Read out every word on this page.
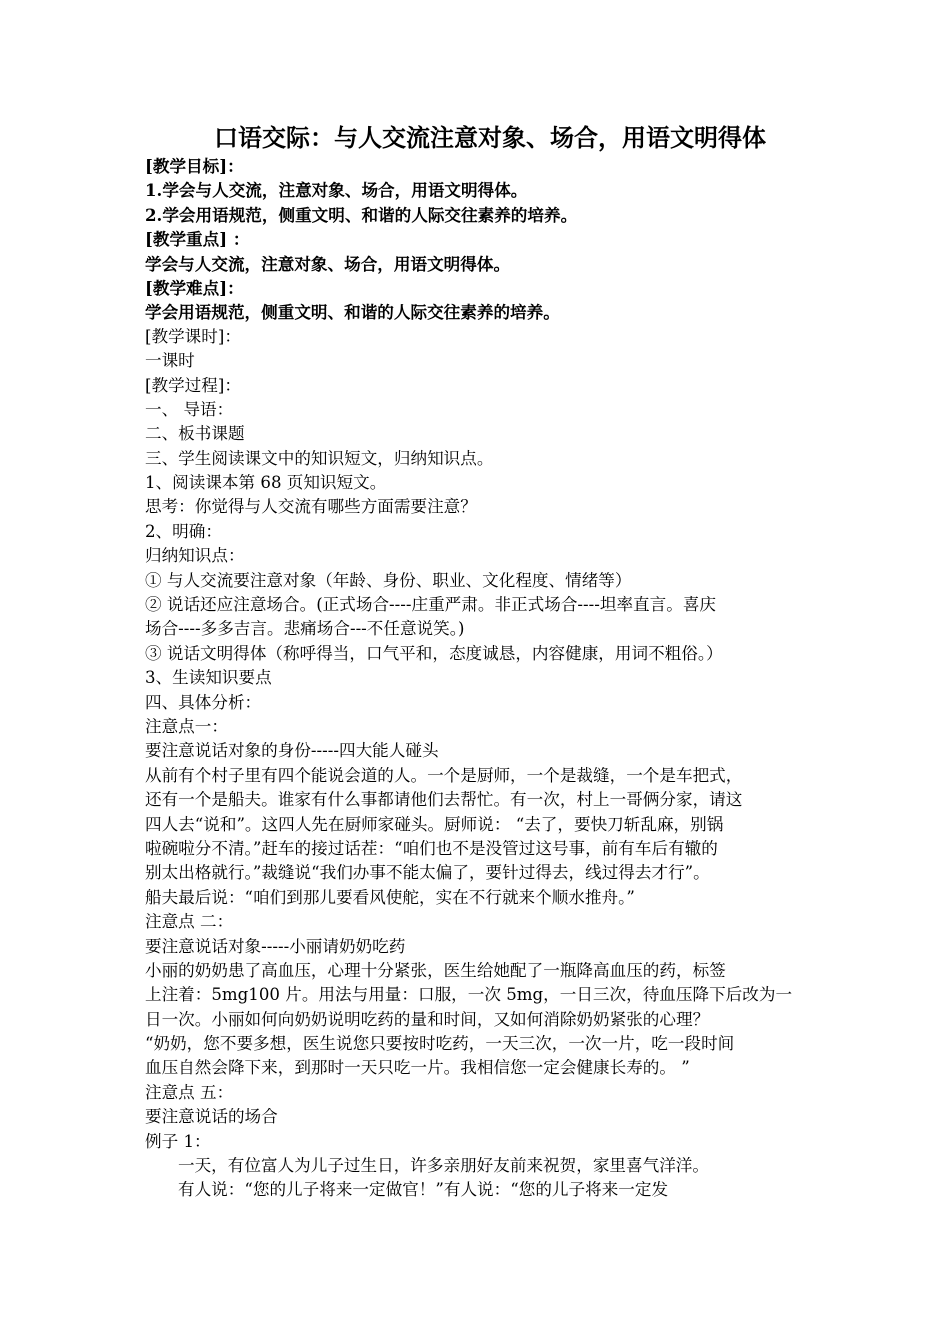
口语交际：与人交流注意对象、场合，用语文明得体
[教学目标]：
1.学会与人交流，注意对象、场合，用语文明得体。
2.学会用语规范，侧重文明、和谐的人际交往素养的培养。
[教学重点] ：
学会与人交流，注意对象、场合，用语文明得体。
[教学难点]：
学会用语规范，侧重文明、和谐的人际交往素养的培养。
[教学课时]：
一课时
[教学过程]：
一、 导语：
二、板书课题
三、学生阅读课文中的知识短文，归纳知识点。
1、阅读课本第 68 页知识短文。
思考：你觉得与人交流有哪些方面需要注意？
2、明确：
归纳知识点：
① 与人交流要注意对象（年龄、身份、职业、文化程度、情绪等）
② 说话还应注意场合。(正式场合----庄重严肃。非正式场合----坦率直言。喜庆
场合----多多吉言。悲痛场合---不任意说笑。)
③ 说话文明得体（称呼得当，口气平和，态度诚恳，内容健康，用词不粗俗。）
3、生读知识要点
四、具体分析：
注意点一：
要注意说话对象的身份-----四大能人碰头
从前有个村子里有四个能说会道的人。一个是厨师，一个是裁缝，一个是车把式，
还有一个是船夫。谁家有什么事都请他们去帮忙。有一次，村上一哥俩分家，请这
四人去“说和”。这四人先在厨师家碰头。厨师说： “去了，要快刀斩乱麻，别锅
啦碗啦分不清。”赶车的接过话茬：“咱们也不是没管过这号事，前有车后有辙的
别太出格就行。”裁缝说“我们办事不能太偏了，要针过得去，线过得去才行”。
船夫最后说：“咱们到那儿要看风使舵，实在不行就来个顺水推舟。”
注意点 二：
要注意说话对象-----小丽请奶奶吃药
小丽的奶奶患了高血压，心理十分紧张，医生给她配了一瓶降高血压的药，标签
上注着：5mg100 片。用法与用量：口服，一次 5mg，一日三次，待血压降下后改为一
日一次。小丽如何向奶奶说明吃药的量和时间，又如何消除奶奶紧张的心理？
“奶奶，您不要多想，医生说您只要按时吃药，一天三次，一次一片，吃一段时间
血压自然会降下来，到那时一天只吃一片。我相信您一定会健康长寿的。 ”
注意点 五：
要注意说话的场合
例子 1：
一天，有位富人为儿子过生日，许多亲朋好友前来祝贺，家里喜气洋洋。
有人说：“您的儿子将来一定做官！”有人说：“您的儿子将来一定发
